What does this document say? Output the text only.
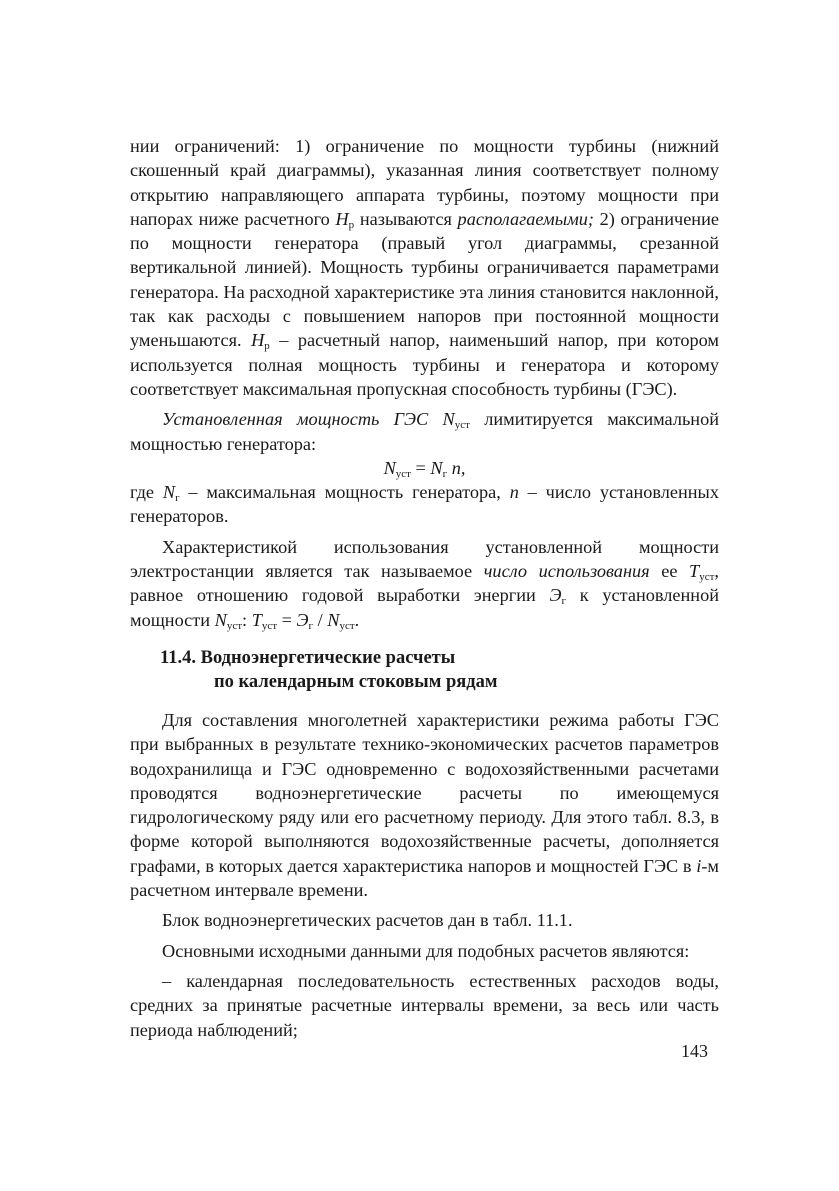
нии ограничений: 1) ограничение по мощности турбины (нижний скошенный край диаграммы), указанная линия соответствует полному открытию направляющего аппарата турбины, поэтому мощности при напорах ниже расчетного $H_р$ называются располагаемыми; 2) ограничение по мощности генератора (правый угол диаграммы, срезанной вертикальной линией). Мощность турбины ограничивается параметрами генератора. На расходной характеристике эта линия становится наклонной, так как расходы с повышением напоров при постоянной мощности уменьшаются. $H_р$ – расчетный напор, наименьший напор, при котором используется полная мощность турбины и генератора и которому соответствует максимальная пропускная способность турбины (ГЭС).

Установленная мощность ГЭС $N_{уст}$ лимитируется максимальной мощностью генератора:

$N_{уст} = N_г$ n,

где $N_г$ – максимальная мощность генератора, n – число установленных генераторов.

Характеристикой использования установленной мощности электростанции является так называемое число использования ее $T_{уст}$, равное отношению годовой выработки энергии $Э_г$ к установленной мощности $N_{уст}$: $T_{уст} = Э_г / N_{уст}$.

11.4. Водноэнергетические расчеты
по календарным стоковым рядам

Для составления многолетней характеристики режима работы ГЭС при выбранных в результате технико-экономических расчетов параметров водохранилища и ГЭС одновременно с водохозяйственными расчетами проводятся водноэнергетические расчеты по имеющемуся гидрологическому ряду или его расчетному периоду. Для этого табл. 8.3, в форме которой выполняются водохозяйственные расчеты, дополняется графами, в которых дается характеристика напоров и мощностей ГЭС в i-м расчетном интервале времени.

Блок водноэнергетических расчетов дан в табл. 11.1.

Основными исходными данными для подобных расчетов являются:

– календарная последовательность естественных расходов воды, средних за принятые расчетные интервалы времени, за весь или часть периода наблюдений;

143
